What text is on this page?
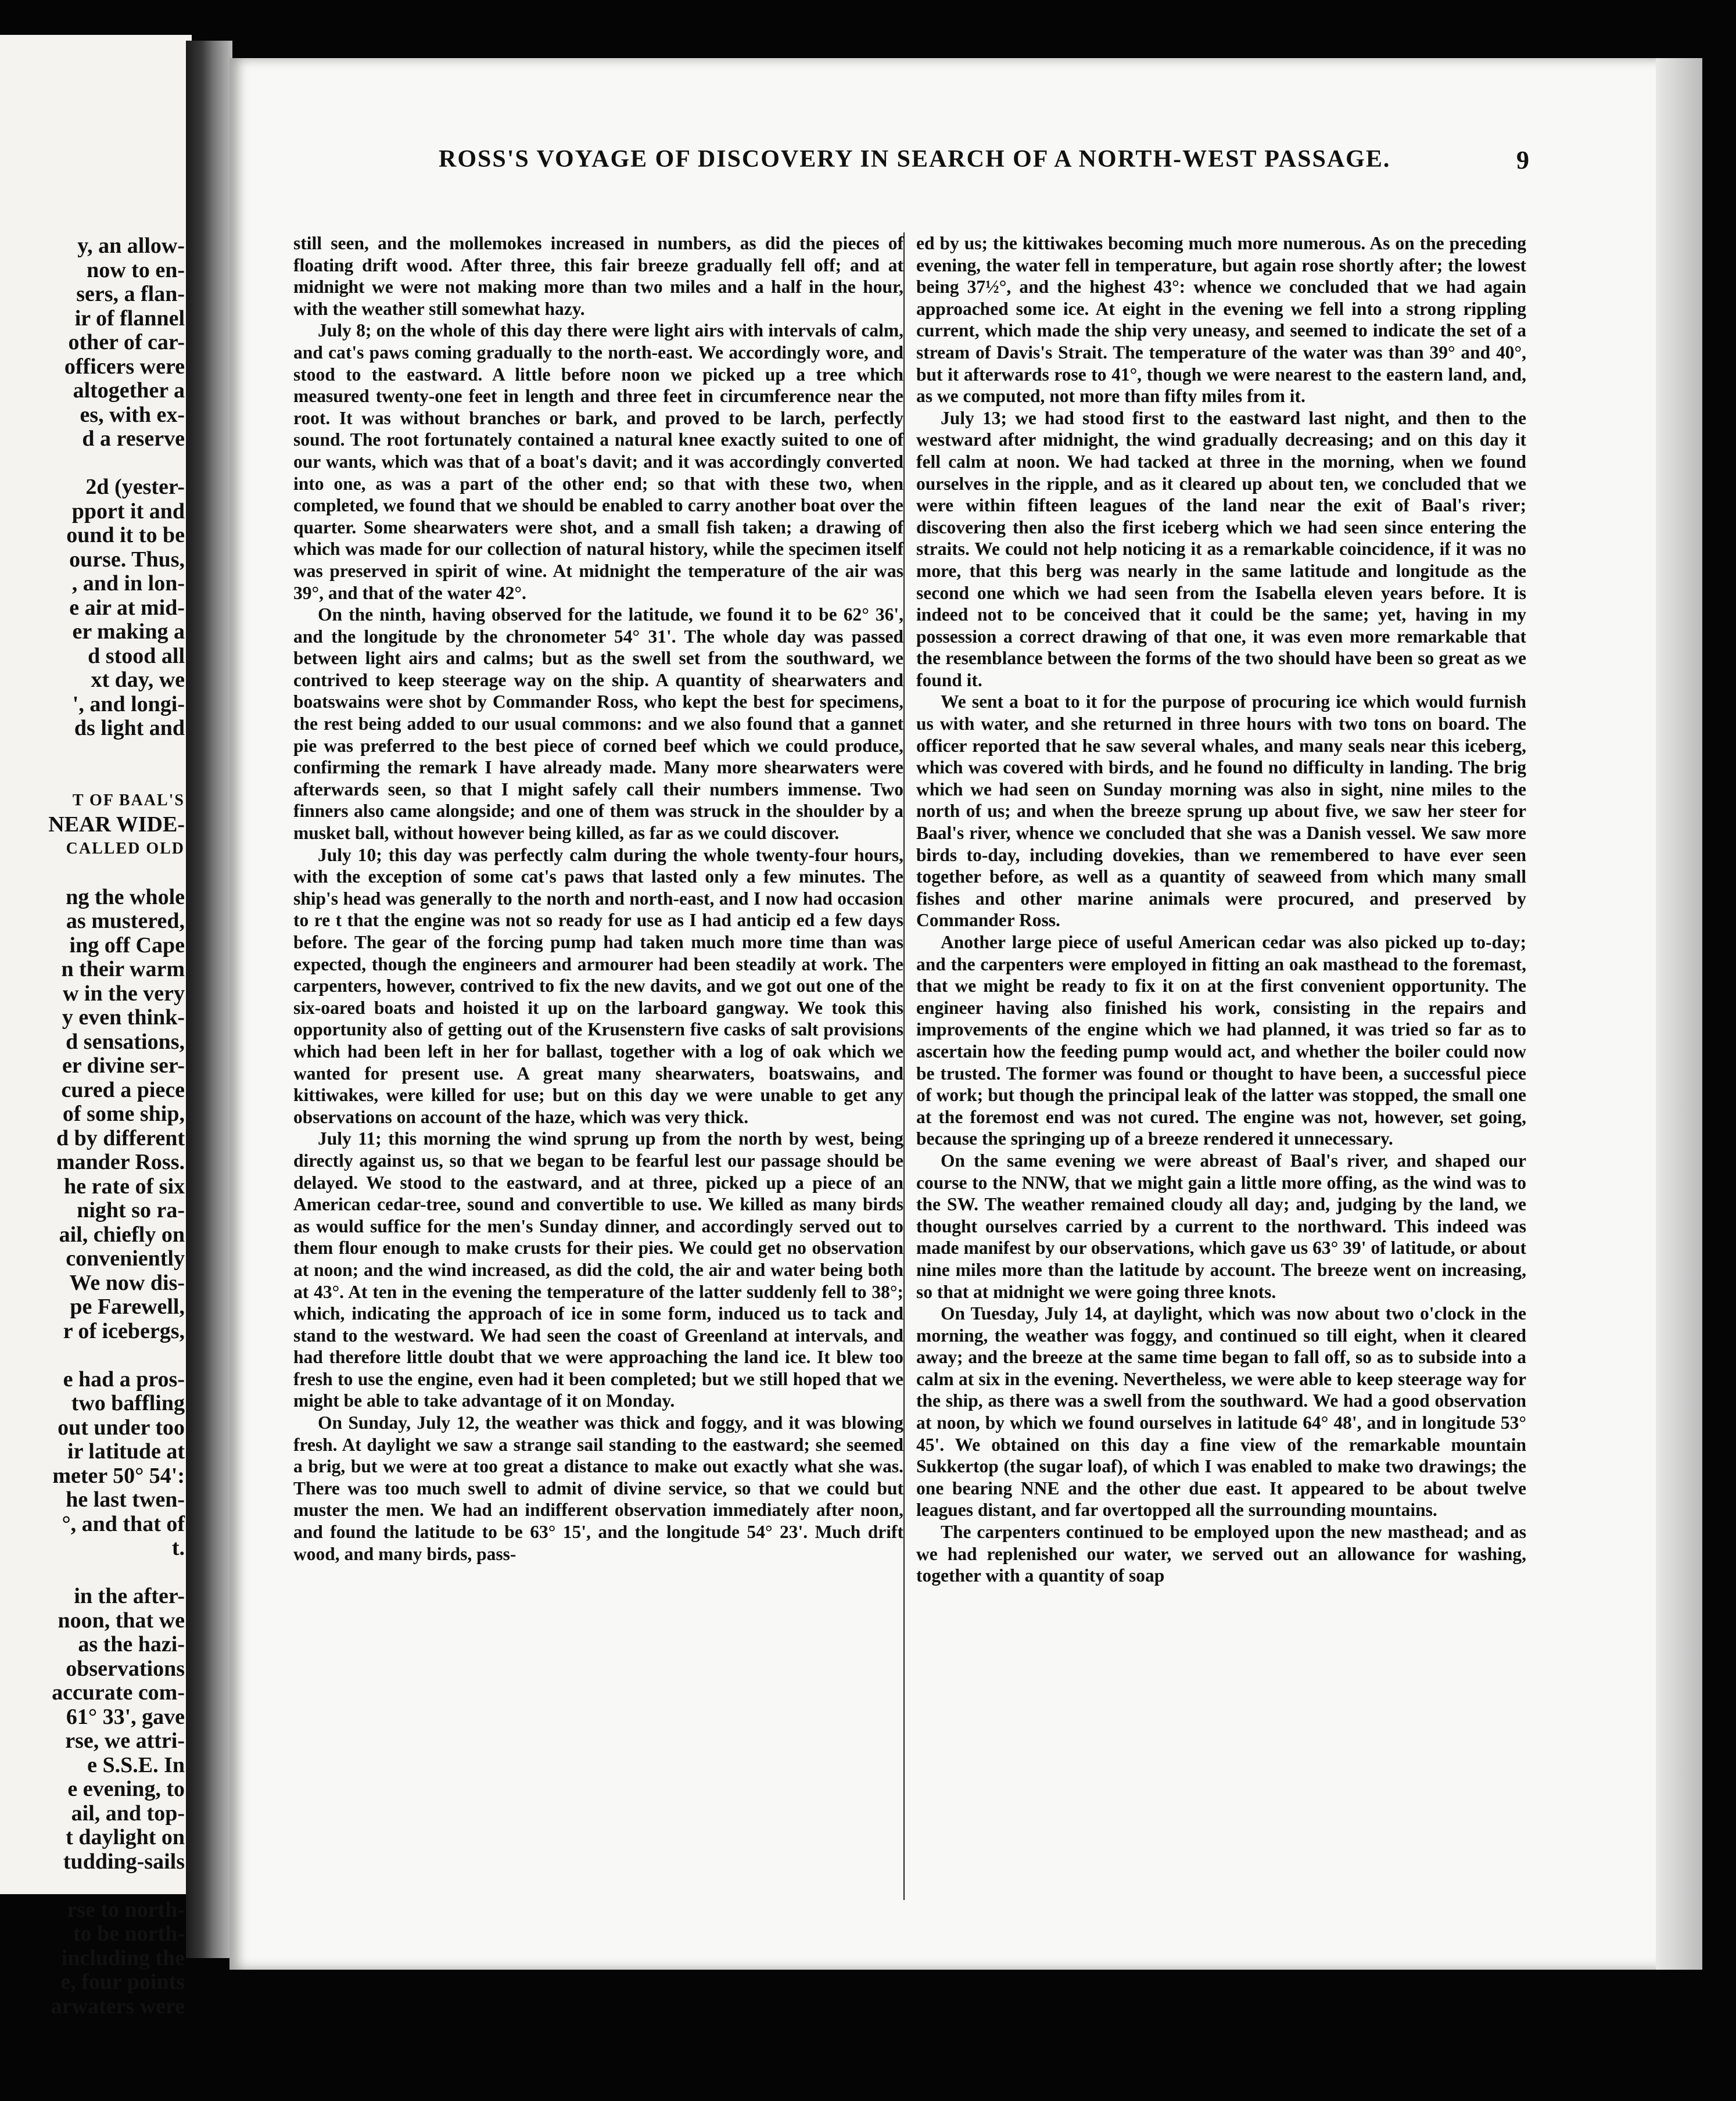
y, an allow-
now to en-
sers, a flan-
ir of flannel
other of car-
officers were
altogether a
es, with ex-
d a reserve
2d (yester-
pport it and
ound it to be
ourse. Thus,
, and in lon-
e air at mid-
er making a
d stood all
xt day, we
', and longi-
ds light and
T OF BAAL'S
NEAR WIDE-
CALLED OLD
ng the whole
as mustered,
ing off Cape
n their warm
w in the very
y even think-
d sensations,
er divine ser-
cured a piece
of some ship,
d by different
mander Ross.
he rate of six
night so ra-
ail, chiefly on
conveniently
We now dis-
pe Farewell,
r of icebergs,
e had a pros-
two baffling
out under too
ir latitude at
meter 50° 54':
he last twen-
°, and that of
t.
in the after-
noon, that we
as the hazi-
observations
accurate com-
61° 33', gave
rse, we attri-
e S.S.E. In
e evening, to
ail, and top-
t daylight on
tudding-sails
rse to north-
to be north-
including the
e, four points
arwaters were
ROSS'S VOYAGE OF DISCOVERY IN SEARCH OF A NORTH-WEST PASSAGE.	9

still seen, and the mollemokes increased in numbers, as did the pieces of floating drift wood. After three, this fair breeze gradually fell off; and at midnight we were not making more than two miles and a half in the hour, with the weather still somewhat hazy.

July 8; on the whole of this day there were light airs with intervals of calm, and cat's paws coming gradually to the north-east. We accordingly wore, and stood to the eastward. A little before noon we picked up a tree which measured twenty-one feet in length and three feet in circumference near the root. It was without branches or bark, and proved to be larch, perfectly sound. The root fortunately contained a natural knee exactly suited to one of our wants, which was that of a boat's davit; and it was accordingly converted into one, as was a part of the other end; so that with these two, when completed, we found that we should be enabled to carry another boat over the quarter. Some shearwaters were shot, and a small fish taken; a drawing of which was made for our collection of natural history, while the specimen itself was preserved in spirit of wine. At midnight the temperature of the air was 39°, and that of the water 42°.

On the ninth, having observed for the latitude, we found it to be 62° 36', and the longitude by the chronometer 54° 31'. The whole day was passed between light airs and calms; but as the swell set from the southward, we contrived to keep steerage way on the ship. A quantity of shearwaters and boatswains were shot by Commander Ross, who kept the best for specimens, the rest being added to our usual commons: and we also found that a gannet pie was preferred to the best piece of corned beef which we could produce, confirming the remark I have already made. Many more shearwaters were afterwards seen, so that I might safely call their numbers immense. Two finners also came alongside; and one of them was struck in the shoulder by a musket ball, without however being killed, as far as we could discover.

July 10; this day was perfectly calm during the whole twenty-four hours, with the exception of some cat's paws that lasted only a few minutes. The ship's head was generally to the north and north-east, and I now had occasion to re t that the engine was not so ready for use as I had anticip ed a few days before. The gear of the forcing pump had taken much more time than was expected, though the engineers and armourer had been steadily at work. The carpenters, however, contrived to fix the new davits, and we got out one of the six-oared boats and hoisted it up on the larboard gangway. We took this opportunity also of getting out of the Krusenstern five casks of salt provisions which had been left in her for ballast, together with a log of oak which we wanted for present use. A great many shearwaters, boatswains, and kittiwakes, were killed for use; but on this day we were unable to get any observations on account of the haze, which was very thick.

July 11; this morning the wind sprung up from the north by west, being directly against us, so that we began to be fearful lest our passage should be delayed. We stood to the eastward, and at three, picked up a piece of an American cedar-tree, sound and convertible to use. We killed as many birds as would suffice for the men's Sunday dinner, and accordingly served out to them flour enough to make crusts for their pies. We could get no observation at noon; and the wind increased, as did the cold, the air and water being both at 43°. At ten in the evening the temperature of the latter suddenly fell to 38°; which, indicating the approach of ice in some form, induced us to tack and stand to the westward. We had seen the coast of Greenland at intervals, and had therefore little doubt that we were approaching the land ice. It blew too fresh to use the engine, even had it been completed; but we still hoped that we might be able to take advantage of it on Monday.

On Sunday, July 12, the weather was thick and foggy, and it was blowing fresh. At daylight we saw a strange sail standing to the eastward; she seemed a brig, but we were at too great a distance to make out exactly what she was. There was too much swell to admit of divine service, so that we could but muster the men. We had an indifferent observation immediately after noon, and found the latitude to be 63° 15', and the longitude 54° 23'. Much drift wood, and many birds, pass-

ed by us; the kittiwakes becoming much more numerous. As on the preceding evening, the water fell in temperature, but again rose shortly after; the lowest being 37½°, and the highest 43°: whence we concluded that we had again approached some ice. At eight in the evening we fell into a strong rippling current, which made the ship very uneasy, and seemed to indicate the set of a stream of Davis's Strait. The temperature of the water was than 39° and 40°, but it afterwards rose to 41°, though we were nearest to the eastern land, and, as we computed, not more than fifty miles from it.

July 13; we had stood first to the eastward last night, and then to the westward after midnight, the wind gradually decreasing; and on this day it fell calm at noon. We had tacked at three in the morning, when we found ourselves in the ripple, and as it cleared up about ten, we concluded that we were within fifteen leagues of the land near the exit of Baal's river; discovering then also the first iceberg which we had seen since entering the straits. We could not help noticing it as a remarkable coincidence, if it was no more, that this berg was nearly in the same latitude and longitude as the second one which we had seen from the Isabella eleven years before. It is indeed not to be conceived that it could be the same; yet, having in my possession a correct drawing of that one, it was even more remarkable that the resemblance between the forms of the two should have been so great as we found it.

We sent a boat to it for the purpose of procuring ice which would furnish us with water, and she returned in three hours with two tons on board. The officer reported that he saw several whales, and many seals near this iceberg, which was covered with birds, and he found no difficulty in landing. The brig which we had seen on Sunday morning was also in sight, nine miles to the north of us; and when the breeze sprung up about five, we saw her steer for Baal's river, whence we concluded that she was a Danish vessel. We saw more birds to-day, including dovekies, than we remembered to have ever seen together before, as well as a quantity of seaweed from which many small fishes and other marine animals were procured, and preserved by Commander Ross.

Another large piece of useful American cedar was also picked up to-day; and the carpenters were employed in fitting an oak masthead to the foremast, that we might be ready to fix it on at the first convenient opportunity. The engineer having also finished his work, consisting in the repairs and improvements of the engine which we had planned, it was tried so far as to ascertain how the feeding pump would act, and whether the boiler could now be trusted. The former was found or thought to have been, a successful piece of work; but though the principal leak of the latter was stopped, the small one at the foremost end was not cured. The engine was not, however, set going, because the springing up of a breeze rendered it unnecessary.

On the same evening we were abreast of Baal's river, and shaped our course to the NNW, that we might gain a little more offing, as the wind was to the SW. The weather remained cloudy all day; and, judging by the land, we thought ourselves carried by a current to the northward. This indeed was made manifest by our observations, which gave us 63° 39' of latitude, or about nine miles more than the latitude by account. The breeze went on increasing, so that at midnight we were going three knots.

On Tuesday, July 14, at daylight, which was now about two o'clock in the morning, the weather was foggy, and continued so till eight, when it cleared away; and the breeze at the same time began to fall off, so as to subside into a calm at six in the evening. Nevertheless, we were able to keep steerage way for the ship, as there was a swell from the southward. We had a good observation at noon, by which we found ourselves in latitude 64° 48', and in longitude 53° 45'. We obtained on this day a fine view of the remarkable mountain Sukkertop (the sugar loaf), of which I was enabled to make two drawings; the one bearing NNE and the other due east. It appeared to be about twelve leagues distant, and far overtopped all the surrounding mountains.

The carpenters continued to be employed upon the new masthead; and as we had replenished our water, we served out an allowance for washing, together with a quantity of soap
